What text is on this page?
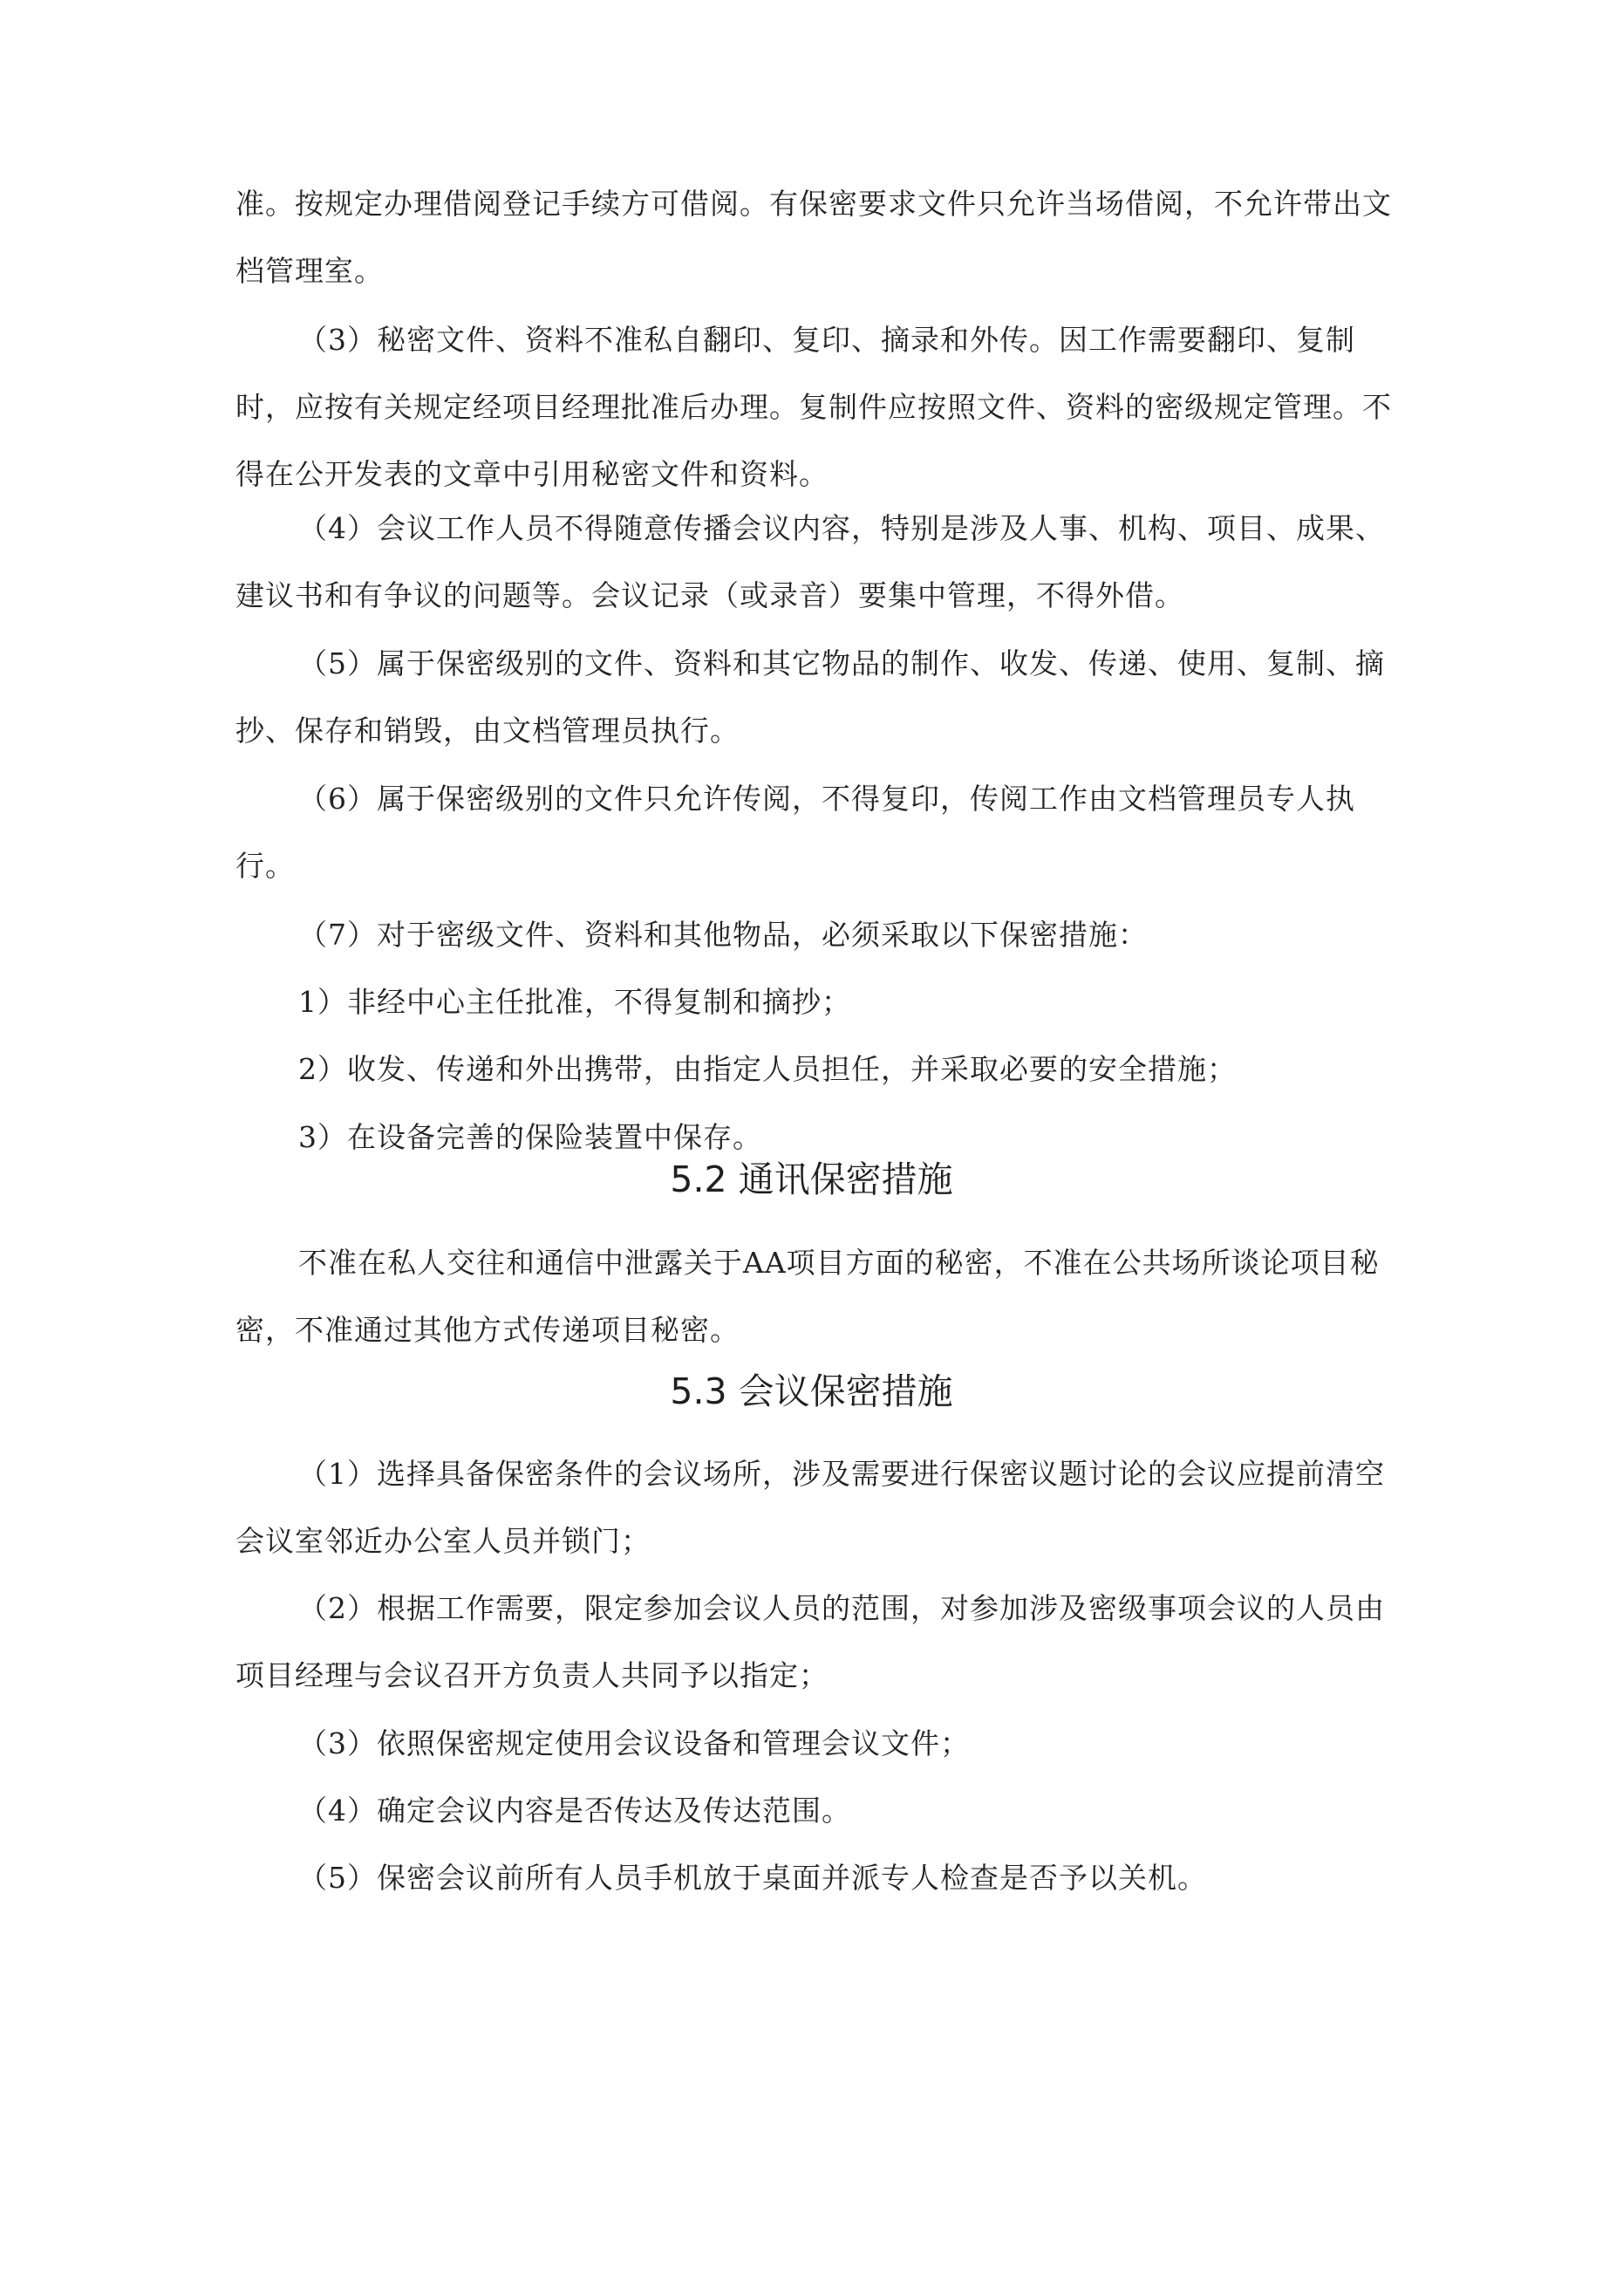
准。按规定办理借阅登记手续方可借阅。有保密要求文件只允许当场借阅，不允许带出文档管理室。

（3）秘密文件、资料不准私自翻印、复印、摘录和外传。因工作需要翻印、复制时，应按有关规定经项目经理批准后办理。复制件应按照文件、资料的密级规定管理。不得在公开发表的文章中引用秘密文件和资料。

（4）会议工作人员不得随意传播会议内容，特别是涉及人事、机构、项目、成果、建议书和有争议的问题等。会议记录（或录音）要集中管理，不得外借。

（5）属于保密级别的文件、资料和其它物品的制作、收发、传递、使用、复制、摘抄、保存和销毁，由文档管理员执行。

（6）属于保密级别的文件只允许传阅，不得复印，传阅工作由文档管理员专人执行。

（7）对于密级文件、资料和其他物品，必须采取以下保密措施：

1）非经中心主任批准，不得复制和摘抄；

2）收发、传递和外出携带，由指定人员担任，并采取必要的安全措施；

3）在设备完善的保险装置中保存。

5.2 通讯保密措施

不准在私人交往和通信中泄露关于AA项目方面的秘密，不准在公共场所谈论项目秘密，不准通过其他方式传递项目秘密。

5.3 会议保密措施

（1）选择具备保密条件的会议场所，涉及需要进行保密议题讨论的会议应提前清空会议室邻近办公室人员并锁门；

（2）根据工作需要，限定参加会议人员的范围，对参加涉及密级事项会议的人员由项目经理与会议召开方负责人共同予以指定；

（3）依照保密规定使用会议设备和管理会议文件；

（4）确定会议内容是否传达及传达范围。

（5）保密会议前所有人员手机放于桌面并派专人检查是否予以关机。
